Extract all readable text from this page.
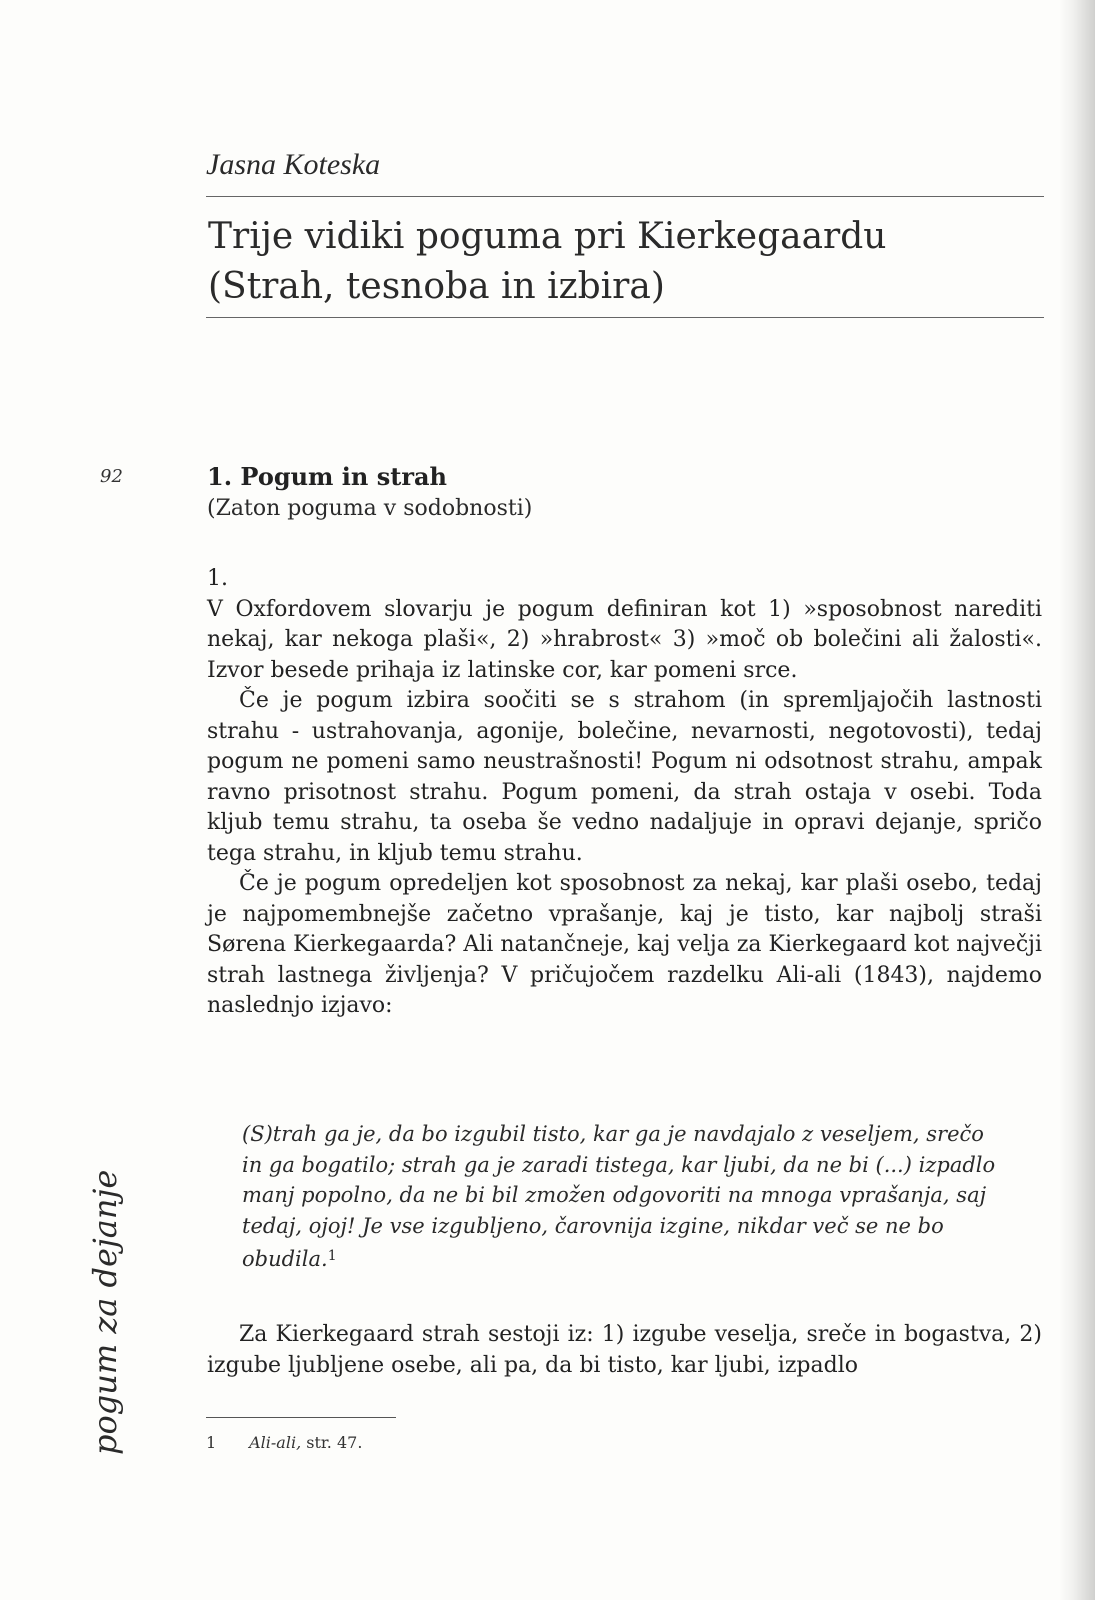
Jasna Koteska
Trije vidiki poguma pri Kierkegaardu
(Strah, tesnoba in izbira)
92	1. Pogum in strah
(Zaton poguma v sodobnosti)

1.

V Oxfordovem slovarju je pogum definiran kot 1) »sposobnost narediti nekaj, kar nekoga plaši«, 2) »hrabrost« 3) »moč ob bolečini ali žalosti«. Izvor besede prihaja iz latinske cor, kar pomeni srce.

Če je pogum izbira soočiti se s strahom (in spremljajočih lastnosti strahu - ustrahovanja, agonije, bolečine, nevarnosti, negotovosti), tedaj pogum ne pomeni samo neustrašnosti! Pogum ni odsotnost strahu, ampak ravno prisotnost strahu. Pogum pomeni, da strah ostaja v osebi. Toda kljub temu strahu, ta oseba še vedno nadaljuje in opravi dejanje, spričo tega strahu, in kljub temu strahu.

Če je pogum opredeljen kot sposobnost za nekaj, kar plaši osebo, tedaj je najpomembnejše začetno vprašanje, kaj je tisto, kar najbolj straši Sørena Kierkegaarda? Ali natančneje, kaj velja za Kierkegaard kot največji strah lastnega življenja? V pričujočem razdelku Ali-ali (1843), najdemo naslednjo izjavo:

(S)trah ga je, da bo izgubil tisto, kar ga je navdajalo z veseljem, srečo in ga bogatilo; strah ga je zaradi tistega, kar ljubi, da ne bi (...) izpadlo manj popolno, da ne bi bil zmožen odgovoriti na mnoga vprašanja, saj tedaj, ojoj! Je vse izgubljeno, čarovnija izgine, nikdar več se ne bo obudila.$^1$

Za Kierkegaard strah sestoji iz: 1) izgube veselja, sreče in bogastva, 2) izgube ljubljene osebe, ali pa, da bi tisto, kar ljubi, izpadlo

1 Ali-ali, str. 47.
pogum za dejanje
